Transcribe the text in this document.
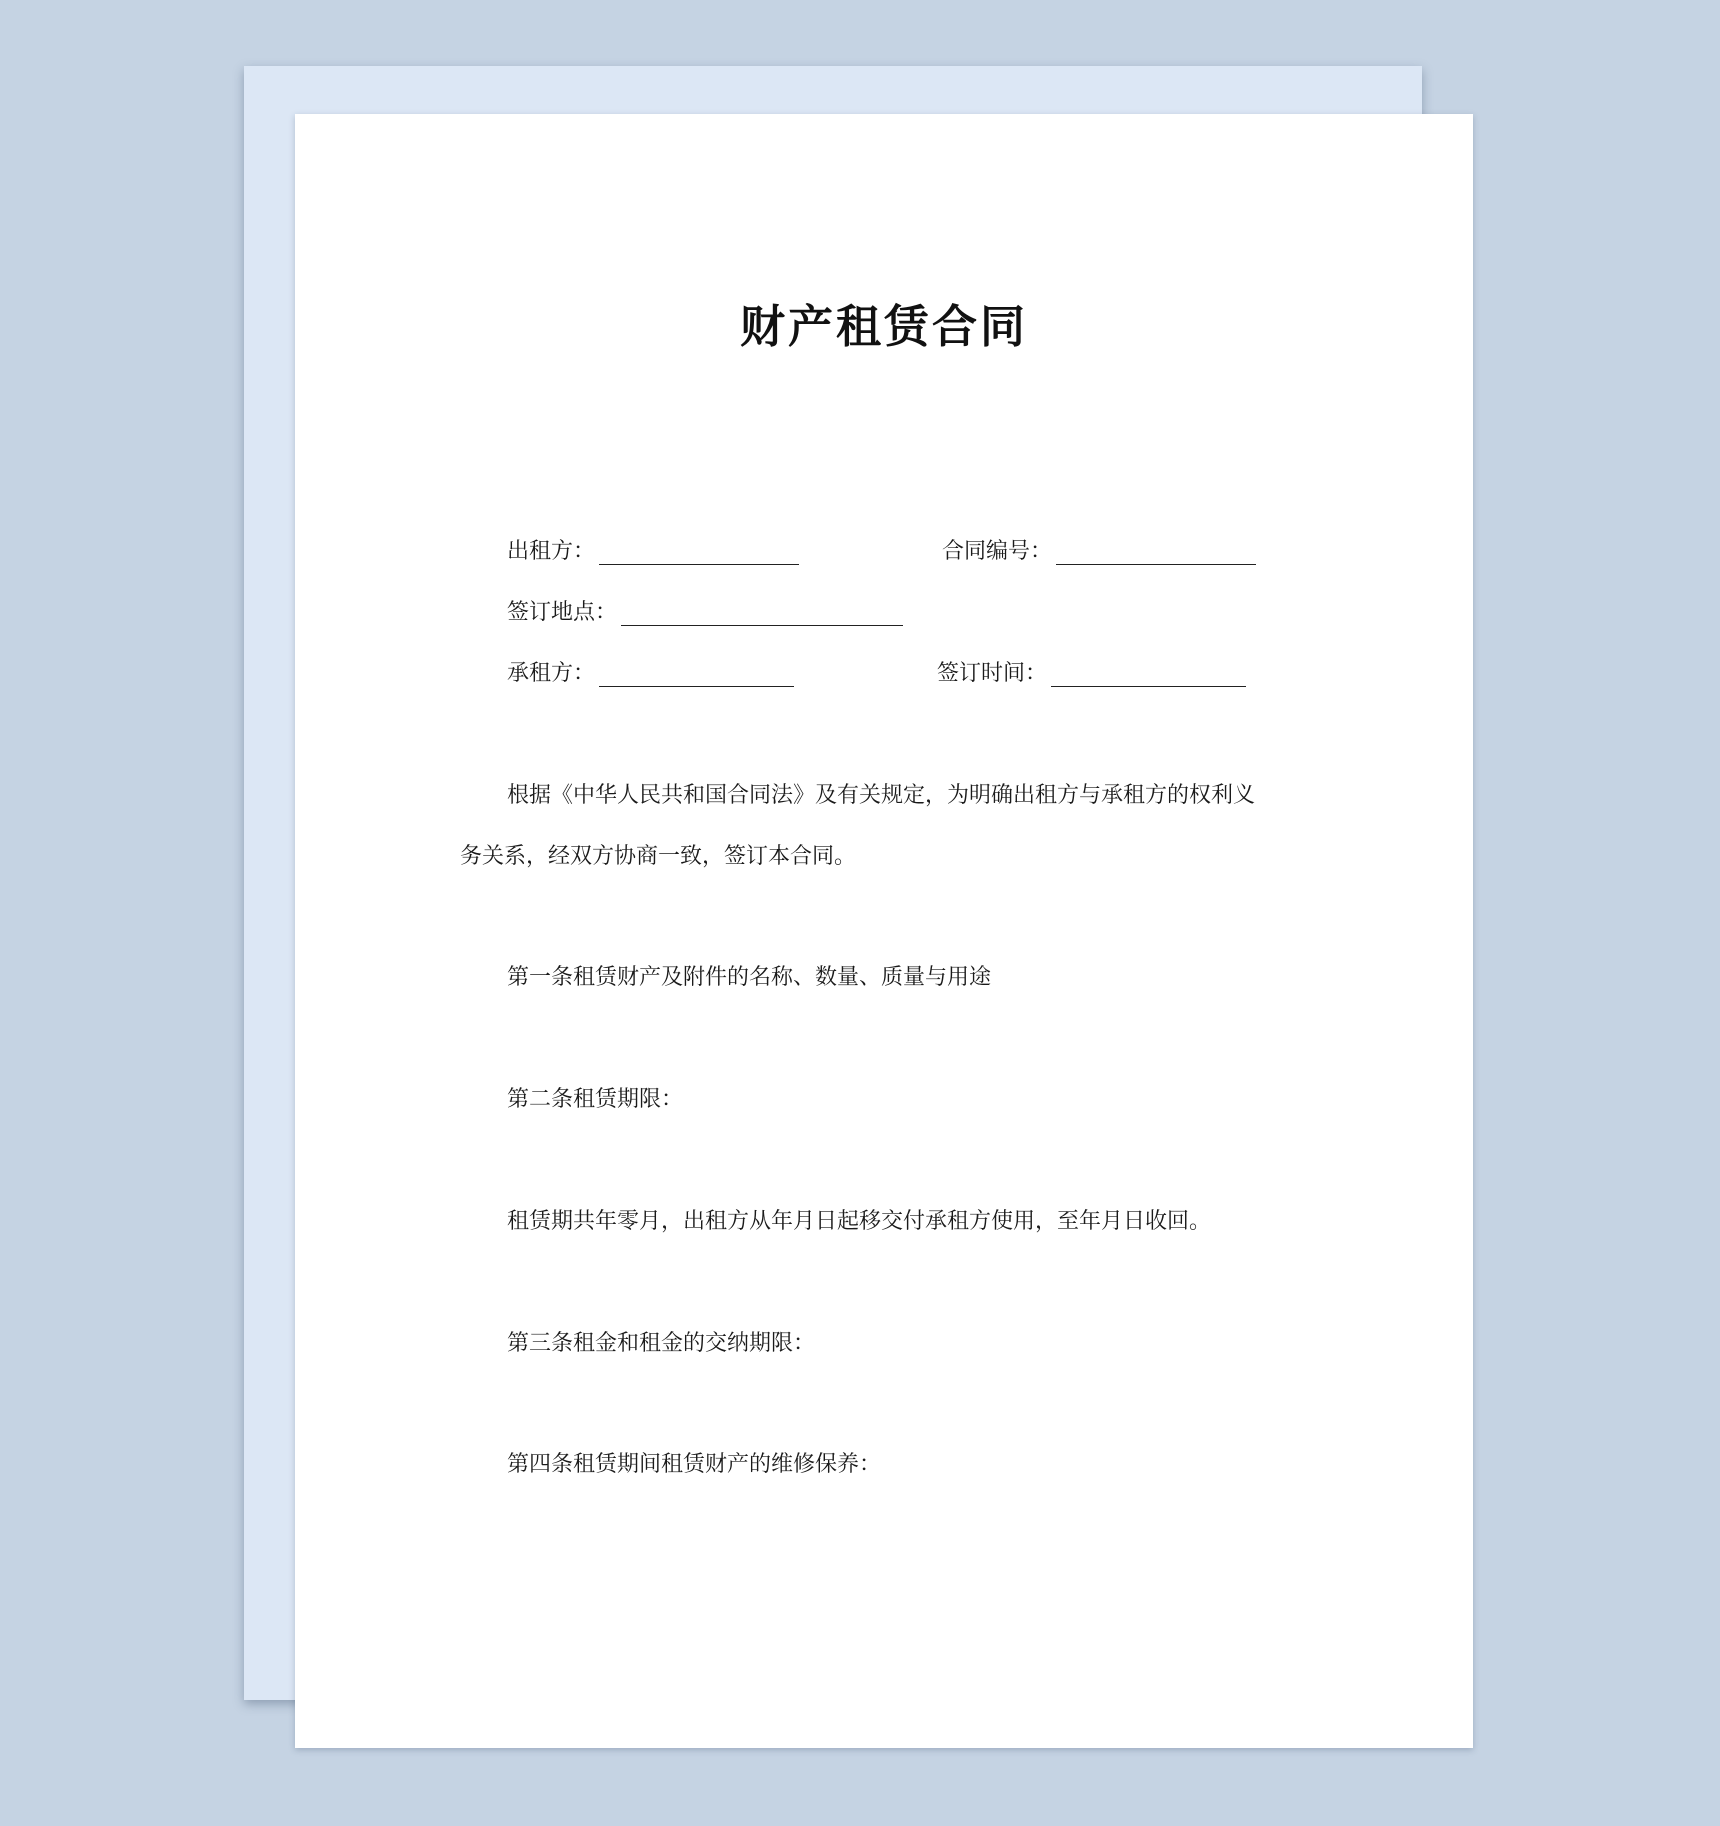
财产租赁合同
出租方：	合同编号：
签订地点：
承租方：	签订时间：
根据《中华人民共和国合同法》及有关规定，为明确出租方与承租方的权利义
务关系，经双方协商一致，签订本合同。
第一条租赁财产及附件的名称、数量、质量与用途
第二条租赁期限：
租赁期共年零月，出租方从年月日起移交付承租方使用，至年月日收回。
第三条租金和租金的交纳期限：
第四条租赁期间租赁财产的维修保养：
